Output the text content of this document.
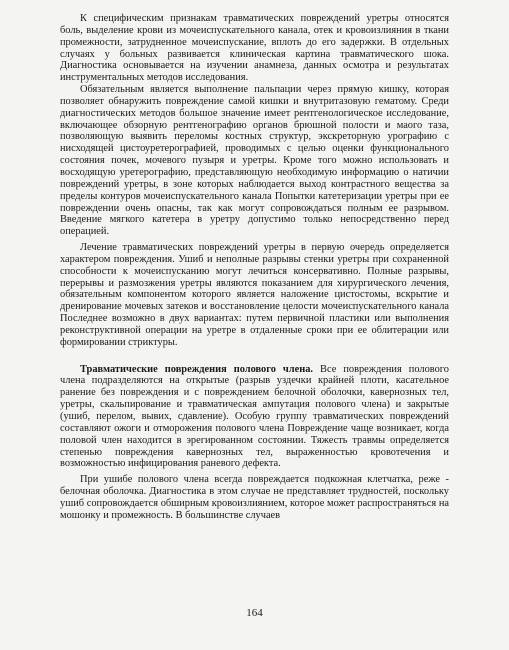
К специфическим признакам травматических повреждений уретры относятся боль, выделение крови из мочеиспускательного канала, отек и кровоизлияния в ткани промежности, затрудненное мочеиспускание, вплоть до его задержки. В отдельных случаях у больных развивается клиническая картина травматического шока. Диагностика основывается на изучении анамнеза, данных осмотра и результатах инструментальных методов исследования.

Обязательным является выполнение пальпации через прямую кишку, которая позволяет обнаружить повреждение самой кишки и внутритазовую гематому. Среди диагностических методов большое значение имеет рентгенологическое исследование, включающее обзорную рентгенографию органов брюшной полости и маого таза, позволяющую выявить переломы костных структур, экскреторную урографию с нисходящей цистоуретерографией, проводимых с целью оценки функционального состояния почек, мочевого пузыря и уретры. Кроме того можно использовать и восходящую уретерографию, представляющую необходимую информацию о натичии повреждений уретры, в зоне которых наблюдается выход контрастного вещества за пределы контуров мочеиспускательного канала Попытки катетеризации уретры при ее повреждении очень опасны, так как могут сопровождаться полным ее разрывом. Введение мягкого катетера в уретру допустимо только непосредственно перед операцией.

Лечение травматических повреждений уретры в первую очередь определяется характером повреждения. Ушиб и неполные разрывы стенки уретры при сохраненной способности к мочеиспусканию могут лечиться консервативно. Полные разрывы, перерывы и размозжения уретры являются показанием для хирургического лечения, обязательным компонентом которого является наложение цистостомы, вскрытие и дренирование мочевых затеков и восстановление целости мочеиспускательного канала Последнее возможно в двух вариантах: путем первичной пластики или выполнения реконструктивной операции на уретре в отдаленные сроки при ее облитерации или формировании стриктуры.

Травматические повреждения полового члена. Все повреждения полового члена подразделяются на открытые (разрыв уздечки крайней плоти, касательное ранение без повреждения и с повреждением белочной оболочки, кавернозных тел, уретры, скальпирование и травматическая ампутация полового члена) и закрытые (ушиб, перелом, вывих, сдавление). Особую группу травматических повреждений составляют ожоги и отморожения полового члена Повреждение чаще возникает, когда половой член находится в эрегированном состоянии. Тяжесть травмы определяется степенью повреждения кавернозных тел, выраженностью кровотечения и возможностью инфицирования раневого дефекта.

При ушибе полового члена всегда повреждается подкожная клетчатка, реже - белочная оболочка. Диагностика в этом случае не представляет трудностей, поскольку ушиб сопровождается обширным кровоизлиянием, которое может распространяться на мошонку и промежность. В большинстве случаев

164
